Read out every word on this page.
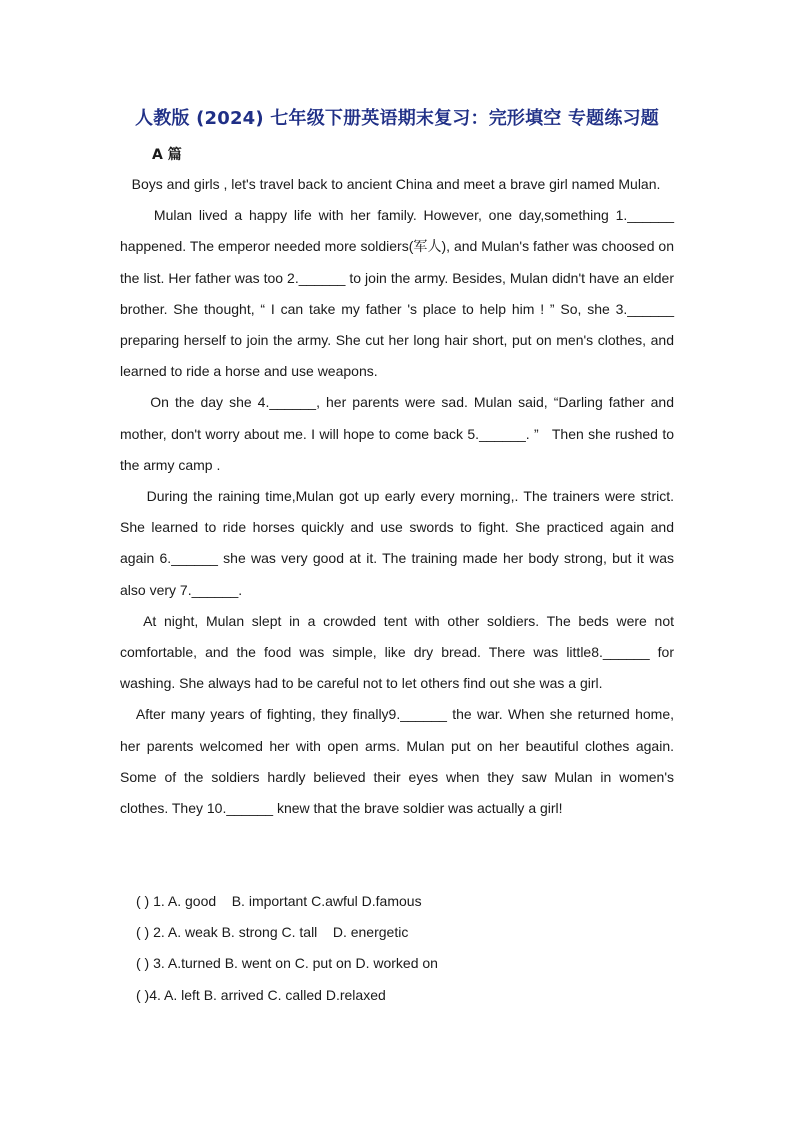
人教版 (2024) 七年级下册英语期末复习：完形填空 专题练习题
A 篇

Boys and girls , let's travel back to ancient China and meet a brave girl named Mulan.

Mulan lived a happy life with her family. However, one day,something 1.______ happened. The emperor needed more soldiers(军人), and Mulan's father was choosed on the list. Her father was too 2.______ to join the army. Besides, Mulan didn't have an elder brother. She thought, “ I can take my father 's place to help him ! ” So, she 3.______ preparing herself to join the army. She cut her long hair short, put on men's clothes, and learned to ride a horse and use weapons.

On the day she 4.______, her parents were sad. Mulan said, “Darling father and mother, don't worry about me. I will hope to come back 5.______. ”   Then she rushed to the army camp .

During the raining time,Mulan got up early every morning,. The trainers were strict. She learned to ride horses quickly and use swords to fight. She practiced again and again 6.______ she was very good at it. The training made her body strong, but it was also very 7.______.

At night, Mulan slept in a crowded tent with other soldiers. The beds were not comfortable, and the food was simple, like dry bread. There was little8.______ for washing. She always had to be careful not to let others find out she was a girl.

After many years of fighting, they finally9.______ the war. When she returned home, her parents welcomed her with open arms. Mulan put on her beautiful clothes again. Some of the soldiers hardly believed their eyes when they saw Mulan in women's clothes. They 10.______ knew that the brave soldier was actually a girl!

( ) 1. A. good    B. important C.awful D.famous

( ) 2. A. weak B. strong C. tall    D. energetic

( ) 3. A.turned B. went on C. put on D. worked on

( )4. A. left B. arrived C. called D.relaxed
